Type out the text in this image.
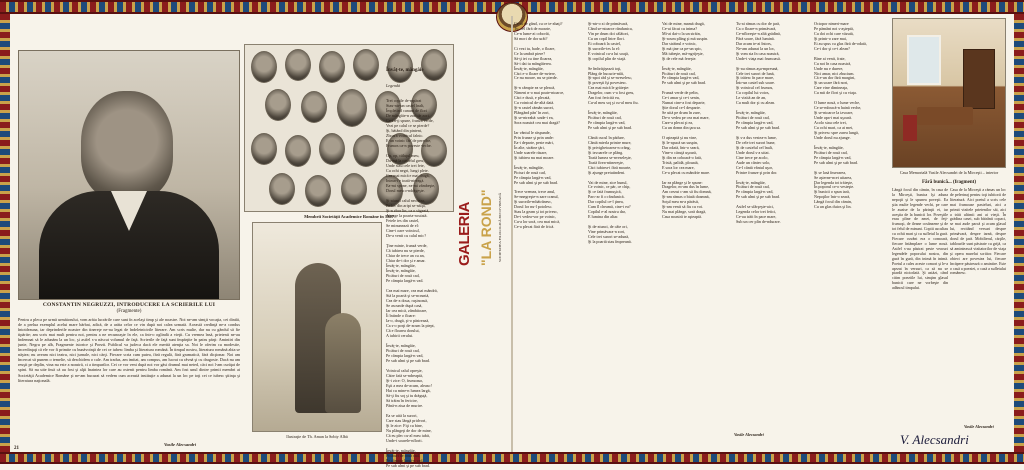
CONSTANTIN NEGRUZZI, INTRODUCERE LA SCRIERILE LUI
(Fragmente)
Pentru a pleca pe urmă următorului, vom arăta lucrările care sunt în acelaşi timp şi ale noastre. Noi ne-am simţit vocaţia, cei dintâi, de a prelua exemplul acelui mare bărbat, adică, de a arăta celor ce vin după noi calea urmată. Această credinţă ne-a condus întotdeauna, iar deprinderile noastre din tinereţe ne-au legat de îndeletnicirile literare. Am scris multe, dar nu cu gândul să fie tipărite; am scris mai mult pentru noi, pentru a ne recunoaşte în ele, ca într-o oglindă a vieţii. Cu vremea însă, prietenii ne-au îndemnat să le adunăm la un loc, şi astfel s-a născut volumul de faţă. Scrierile de faţă sunt împărţite în patru părţi: Amintiri din junie, Negru pe alb, Fragmente istorice şi Poezii. Publicul va judeca dacă ele merită atenţia sa. Noi le oferim cu modestie, încredinţaţi că ele vor fi primite cu bunăvoinţă de cei ce iubesc limba şi literatura română. În timpul nostru, literatura română abia se năştea; nu aveam nici teatru, nici jurnale, nici cărţi. Fiecare scria cum putea, fără regulă, fără gramatică, fără dicţionar. Noi am încercat să punem o temelie, să deschidem o cale. Am tradus, am imitat, am compus, am lucrat cu râvnă şi cu dragoste. Dacă nu am reuşit pe deplin, vina nu este a noastră, ci a timpurilor. Cei ce vor veni după noi vor găsi drumul mai neted, căci noi l-am curăţat de spini. Să nu uite însă că au fost şi alţii înaintea lor care au ostenit pentru limba română. Am fost unul dintre primii membri ai Societăţii Academice Române şi ne-am bucurat să vedem cum această instituţie a adunat la un loc pe toţi cei ce iubesc ştiinţa şi literatura naţională.
Vasile Alecsandri
Membrii Societăţii Academice Române în 1867
Ilustraţie de Th. Aman la Sobiy Albă

Învăţ-te, mângâie

Legendă

Trei copile de-mpărat
Stau-ntr-un castel înalt,
Împletind cununi de flori
De mângâie-n zori de zori.
Ce-i a-ţi spune, frunză verde,
Vezi pe calul ce se pierde?
Şi, bătând din pinteni,
Zboară voinicul falnic.
E-un voinic făr' de pereche,
Frumos ca-n poveste veche.

Op, op, căluţul meu,
Du-mă la castelul greu,
Unde stau cele trei fete,
Cu ochi negri, lungi plete.
Cea mai mică e mai dragă,
Inima-i e toată-ntreagă.
Ea-mi spune, ea-mi zâmbeşte,
Dorul meu o-ndrăgeşte.

Şi-atunci calul necheza,
Pe loc din aripi se-nălţa,
Şi-n zbor lin, ca o săgeată,
Ajunge la poarta-ncuiată.
Fetele ies din castel,
Se minunează de el:
Cine-i oare voinicul,
De-a venit cu calul mic?

Ţine minte, frunză verde,
Că iubirea nu se pierde,
Chiar de trece an cu an,
Chiar de-i dor şi e amar.
Învăţ-te, mângâie,
Învăţ-te, mângâie,
Picături de rouă cad,
Pe câmpia largă-n vad.

Cea mai mare, cea mai mândră,
Stă la poartă şi se-ncruntă,
Cea de-a doua, ruşinoasă,
Se ascunde după casă,
Iar cea mică, zâmbitoare,
Îi întinde o floare:
Ia-o, dragă, şi-o păstrează,
Ca s-o porţi de-acum la piept,
Că e floarea dorului,
A iubirii cerului.

Învăţ-te, mângâie,
Picături de rouă cad,
Pe câmpia largă-n vad,
Pe sub ulmi şi pe sub brad.

Voinicul calul opreşte,
Către fată se-ndreaptă,
Şi-i zice: O, frumoaso,
Eşti a mea de-acum, aleaso!
Hai cu mine-n lumea largă,
Să-ţi fiu soţ şi tu drăguţă,
Să trăim în fericire,
Până-n ziua de murire.

Ea se uită la surori,
Care stau lângă pridvori,
Şi le zice: Fiţi cu bine,
Nu plângeţi de dor de mine,
Că eu plec cu-al meu iubit,
Unde-i soarele-nflorit.

Învăţ-te, mângâie,
Picături de rouă cad,
Pe câmpia largă-n vad,
Pe sub ulmi şi pe sub brad.

GALERIA "LA ROND"	SOCIETATEA FILOLOGICĂ BUCOVINEANĂ
Ce-ai de gând, cu ce te-abaţi?
Tu, cel fără de moarte,
Ce-n lume-ai coborât,
Să mori de dor urât?

Ci vezi tu, bade, o floare,
Ce la umbră piere?
Să-ţi iei cu tine floarea,
Să-i dai tu mângâierea.
Învăţ-te, mângâie,
Căci e-o floare de-nviere,
Ce nu moare, nu se pierde.

Şi-n câmpie ea se pleacă,
Nimeni n-o mai poate-ntoarce,
Căci e dusă, e plecată,
Cu voinicul de-altă dată.
Şi-n castel rămân surori,
Plângând pân' în zori,
Şi se-ntreabă: unde-i ea,
Sora noastră cea mai dragă?

Iar vântul le răspunde,
Prin frunze şi prin unde:
Ea-i departe, peste mări,
În alte, străine ţări,
Unde soarele răsare,
Şi iubirea nu mai moare.

Învăţ-te, mângâie,
Picturi de rouă cad,
Pe câmpia largă-n vad,
Pe sub ulmi şi pe sub brad.

Trece vremea, trece anul,
Se-nnegreşte-n zare cranul,
Şi surorile-mbătrânesc,
Dorul lor nu-l potolesc.
Stau la geam şi tot privesc,
De-i vedea-vor pe voinic,
Cu-a lor soră, cea mai mică,
Ce-a plecat fără de frică.
Şi-ntr-o zi de primăvară,
Când se-ntoarce rândunica,
Vin pe drum doi călători,
Cu un copil între flori.
Ei coboară la castel,
Şi surorile-ies la el:
E voinicul cu-a lui soaţă,
Şi copilul plin de viaţă.

Se îmbrăţişează toţi,
Plâng de bucurie-ntâi,
Şi-apoi râd şi se-nveselesc,
Şi poveşti îşi povestesc.
Cea mai mică le grăieşte:
Dragelor, cum v-a fost greu,
Am fost fericită eu,
Cu-al meu soţ şi cu-al meu fiu.

Învăţ-te, mângâie,
Picături de rouă cad,
Pe câmpia largă-n vad,
Pe sub ulmi şi pe sub brad.

Cântă cucul în pădure,
Cântă mierla printre mure,
Şi privighetoarea-n crâng,
Şi izvoarele ce plâng.
Toată lumea se-nveseleşte,
Toată firea-ntinereşte,
Căci iubirea-i fără moarte,
Şi ajunge pretutindeni.

Vai de mine, zice bunul,
Ce voinic, ce păr, ce chip,
Şi ce fată frumuşică,
Parc-ar fi o rândunică.
Dar copilul ce-l ţinea,
Cum îl cheamă, cine-i ea?
Copilul e-al nostru dar,
E lumina din altar.

Şi de-atunci, de câte ori,
Vine primăvara-n zori,
Cele trei surori se-adună,
Şi la poartă stau împreună.
Vai de mine, mamă dragă,
Ce-ai făcut cu inima?
Mi-ai dat-o la un străin,
Şi-acum plâng şi mă suspin.
Dar străinul e voinic,
Şi mă ţine ca pe-un spic,
Mă iubeşte, mă-ngrijeşte,
Şi de rele mă fereşte.

Învăţ-te, mângâie,
Picături de rouă cad,
Pe câmpia largă-n vad,
Pe sub ulmi şi pe sub brad.

Frunză verde de pelin,
Ce-i amar şi ce-i senin,
Numai cine-a fost departe,
Ştie dorul ce-l desparte.
Se uită pe drum în zare,
De-o vedea pe cea mai mare,
Care-a plecat şi ea,
Cu un domn din ţara sa.

O aşteaptă şi nu vine,
Şi le-apucă un suspin,
Dar odată, într-o seară,
Vine-o căruţă uşoară,
Şi din ea coboară-o fată,
Tristă, palidă, plouată,
E sora lor cea mare,
Ce-a plecat cu mândrie mare.

Iar ea plânge şi le spune:
Dragelor, m-am dus în lume,
Am crezut c-am să fiu domnă,
Şi-am rămas o biată doamnă,
Soţul meu m-a părăsit,
Şi-am venit să fiu cu voi.
Nu mai plânge, soră dragă,
Casa noastră te aşteaptă.
Tu-ai rămas cu dor de ţară,
Ca o floare-n primăvară,
Ce-nfloreşte-n altă grădină,
Fără soare, fără lumină.
Dar acum te-ai întors,
Ne-am adunat la un loc,
Şi vom sta în casa noastră,
Unde-i viaţa mai frumoasă.

Şi-au rămas aşa-mpreună,
Cele trei surori de lună,
Şi trăiesc în pace mare,
Într-un castel sub soare.
Şi voinicul cel frumos,
Cu copilul lui voios,
Le vizită an de an,
Cu mult dor şi cu alean.

Învăţ-te, mângâie,
Picături de rouă cad,
Pe câmpia largă-n vad,
Pe sub ulmi şi pe sub brad.

Şi s-a dus vestea-n lume,
De cele trei surori bune,
Şi de castelul cel înalt,
Unde dorul s-a uitat.
Cine trece pe acolo,
Aude un cântec solo,
Ce-l cântă vântul uşor,
Printre frunze şi prin dor.

Învăţ-te, mângâie,
Picături de rouă cad,
Pe câmpia largă-n vad,
Pe sub ulmi şi pe sub brad.

Astfel se sfârşeşte-aici,
Legenda celor trei fetici,
Ce-au trăit în pace mare,
Sub un cer plin de-ndurare.
Octopor nimeri-mare
Pe pământ noi s-aşteptă,
Cu doi ochi care văzută,
Şi printr-o zare mai,
Ei au spus cu glas fără de-odată,
Ce-i dor şi ce-i alean?

Bine ai venit, frate,
Cu noi în casa noastră,
Unde nu e durere,
Nici amar, nici zbucium.
Că e-un dor fără margini,
Şi un soare fără nori,
Care vine dimineaţa,
Cu mii de flori şi cu viaţa.

O lume nouă, o lume veche,
Ce se-mbracă-n haină veche,
Şi se-ntoarce la izvoare,
Unde apa-i mai uşoară.
Acolo stau cele trei,
Cu ochi mari, ca ai mei,
Şi privesc spre zarea lungă,
Unde dorul nu ajunge.

Învăţ-te, mângâie,
Picături de rouă cad,
Pe câmpia largă-n vad,
Pe sub ulmi şi pe sub brad.

Şi se lasă înserarea,
Se aşterne-ncet uitarea,
Dar legenda tot trăieşte,
În poporul ce-o vesteşte.
Şi bunicii o spun iară,
Nepoţilor într-o seară,
Lângă focul din cămin,
Cu un glas duios şi lin.
Vasile Alecsandri
Casa Memorială Vasile Alecsandri de la Mirceşti – interior
Fără bunică... (fragment)
Lângă focul din cămin, în casa de la Mirceşti, bunica îşi aduna nepoţii şi le spunea poveşti. Ea ştia multe legende vechi, pe care le auzise de la părinţii ei, iar aceştia de la bunicii lor. Poveştile erau pline de zmei, de feţi-frumoşi, de ileane cosânzene şi de tot felul de minuni. Copiii ascultau cu ochii mari şi cu sufletul la gură. Fiecare cuvânt era o comoară, fiecare întâmplare o lume nouă. Astfel s-au păstrat peste veacuri legendele poporului nostru, din gură în gură, din inimă în inimă. Poetul a cules aceste comori şi le-a aşezat în versuri, ca să nu se piardă niciodată. Şi astăzi, când citim poeziile lui, simţim glasul bunicii care ne vorbeşte din adâncul timpului.
Casa de la Mirceşti a rămas un loc de pelerinaj pentru toţi iubitorii de literatură. Aici poetul a scris cele mai frumoase pasteluri, aici a primit vizitele prietenilor săi, aici a trăit ultimii ani ai vieţii. În grădina casei, sub bătrânii copaci, se mai aude parcă şi acum glasul lui, recitând versuri despre primăvară, despre iarnă, despre dorul de ţară. Mobilierul, cărţile, tablourile sunt păstrate cu grijă, ca să amintească vizitatorilor de viaţa şi opera marelui scriitor. Fiecare obiect are povestea lui, fiecare încăpere păstrează o amintire. Este o casă a poeziei, o casă a sufletului românesc.
Vasile Alecsandri
V. Alecsandri
21
